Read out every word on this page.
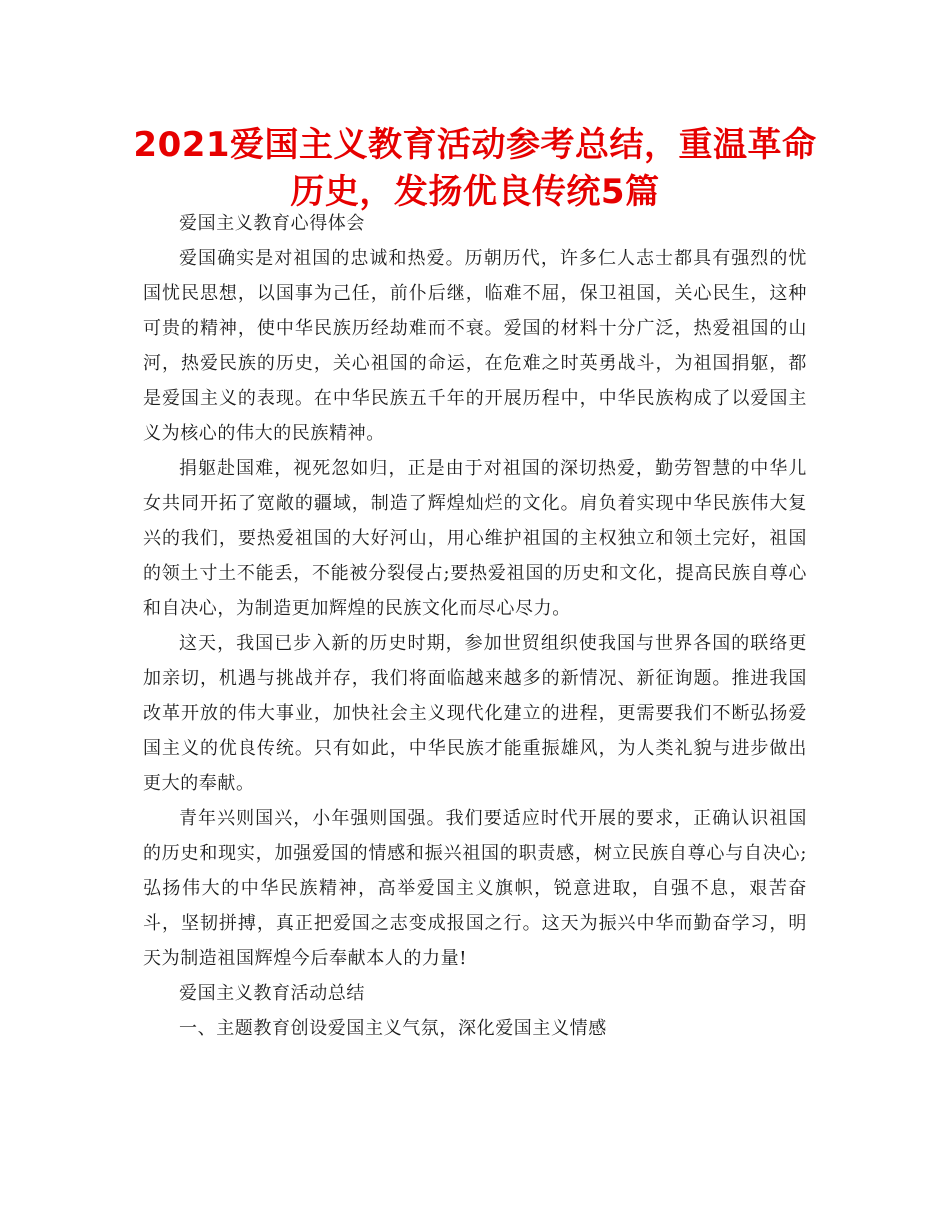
2021爱国主义教育活动参考总结，重温革命历史，发扬优良传统5篇

爱国主义教育心得体会

爱国确实是对祖国的忠诚和热爱。历朝历代，许多仁人志士都具有强烈的忧国忧民思想，以国事为己任，前仆后继，临难不屈，保卫祖国，关心民生，这种可贵的精神，使中华民族历经劫难而不衰。爱国的材料十分广泛，热爱祖国的山河，热爱民族的历史，关心祖国的命运，在危难之时英勇战斗，为祖国捐躯，都是爱国主义的表现。在中华民族五千年的开展历程中，中华民族构成了以爱国主义为核心的伟大的民族精神。

捐躯赴国难，视死忽如归，正是由于对祖国的深切热爱，勤劳智慧的中华儿女共同开拓了宽敞的疆域，制造了辉煌灿烂的文化。肩负着实现中华民族伟大复兴的我们，要热爱祖国的大好河山，用心维护祖国的主权独立和领土完好，祖国的领土寸土不能丢，不能被分裂侵占;要热爱祖国的历史和文化，提高民族自尊心和自决心，为制造更加辉煌的民族文化而尽心尽力。

这天，我国已步入新的历史时期，参加世贸组织使我国与世界各国的联络更加亲切，机遇与挑战并存，我们将面临越来越多的新情况、新征询题。推进我国改革开放的伟大事业，加快社会主义现代化建立的进程，更需要我们不断弘扬爱国主义的优良传统。只有如此，中华民族才能重振雄风，为人类礼貌与进步做出更大的奉献。

青年兴则国兴，小年强则国强。我们要适应时代开展的要求，正确认识祖国的历史和现实，加强爱国的情感和振兴祖国的职责感，树立民族自尊心与自决心;弘扬伟大的中华民族精神，高举爱国主义旗帜，锐意进取，自强不息，艰苦奋斗，坚韧拼搏，真正把爱国之志变成报国之行。这天为振兴中华而勤奋学习，明天为制造祖国辉煌今后奉献本人的力量!

爱国主义教育活动总结

一、主题教育创设爱国主义气氛，深化爱国主义情感
